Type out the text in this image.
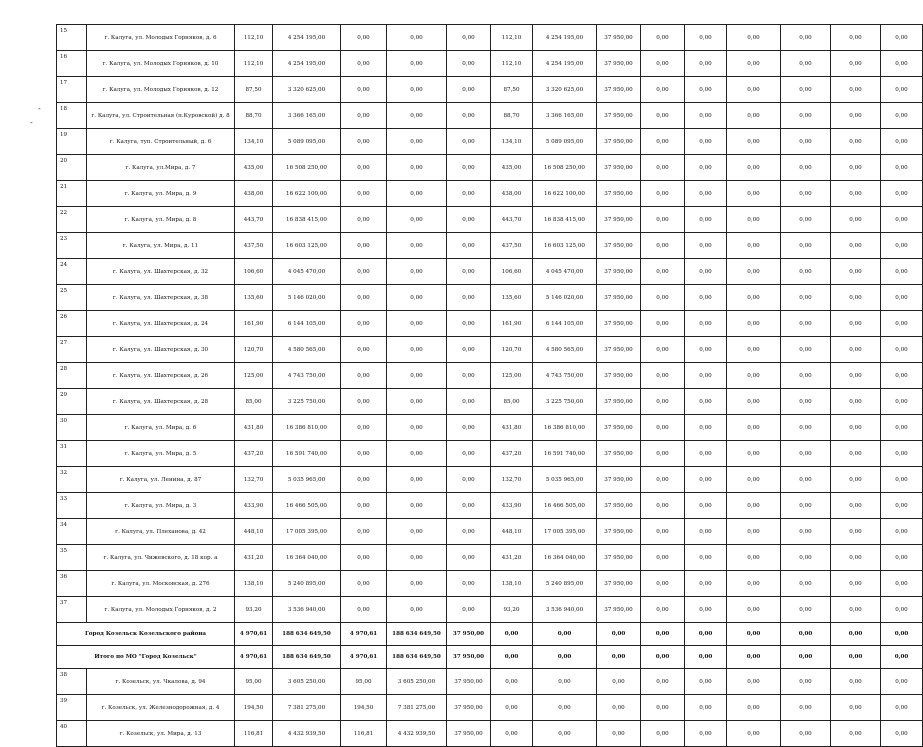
-
-
15	г. Калуга, ул. Молодых Горняков, д. 6	112,10	4 254 195,00	0,00	0,00	0,00	112,10	4 254 195,00	37 950,00	0,00	0,00	0,00	0,00	0,00	0,00
16	г. Калуга, ул. Молодых Горняков, д. 10	112,10	4 254 195,00	0,00	0,00	0,00	112,10	4 254 195,00	37 950,00	0,00	0,00	0,00	0,00	0,00	0,00
17	г. Калуга, ул. Молодых Горняков, д. 12	87,50	3 320 625,00	0,00	0,00	0,00	87,50	3 320 625,00	37 950,00	0,00	0,00	0,00	0,00	0,00	0,00
18	г. Калуга, ул. Строительная (п.Куровской) д. 8	88,70	3 366 165,00	0,00	0,00	0,00	88,70	3 366 165,00	37 950,00	0,00	0,00	0,00	0,00	0,00	0,00
19	г. Калуга, туп. Строительный, д. 6	134,10	5 089 095,00	0,00	0,00	0,00	134,10	5 089 095,00	37 950,00	0,00	0,00	0,00	0,00	0,00	0,00
20	г. Калуга, ул.Мира, д. 7	435,00	16 508 250,00	0,00	0,00	0,00	435,00	16 508 250,00	37 950,00	0,00	0,00	0,00	0,00	0,00	0,00
21	г. Калуга, ул. Мира, д. 9	438,00	16 622 100,00	0,00	0,00	0,00	438,00	16 622 100,00	37 950,00	0,00	0,00	0,00	0,00	0,00	0,00
22	г. Калуга, ул. Мира, д. 8	443,70	16 838 415,00	0,00	0,00	0,00	443,70	16 838 415,00	37 950,00	0,00	0,00	0,00	0,00	0,00	0,00
23	г. Калуга, ул. Мира, д. 11	437,50	16 603 125,00	0,00	0,00	0,00	437,50	16 603 125,00	37 950,00	0,00	0,00	0,00	0,00	0,00	0,00
24	г. Калуга, ул. Шахтерская, д. 32	106,60	4 045 470,00	0,00	0,00	0,00	106,60	4 045 470,00	37 950,00	0,00	0,00	0,00	0,00	0,00	0,00
25	г. Калуга, ул. Шахтерская, д. 38	135,60	5 146 020,00	0,00	0,00	0,00	135,60	5 146 020,00	37 950,00	0,00	0,00	0,00	0,00	0,00	0,00
26	г. Калуга, ул. Шахтерская, д. 24	161,90	6 144 105,00	0,00	0,00	0,00	161,90	6 144 105,00	37 950,00	0,00	0,00	0,00	0,00	0,00	0,00
27	г. Калуга, ул. Шахтерская, д. 30	120,70	4 580 565,00	0,00	0,00	0,00	120,70	4 580 565,00	37 950,00	0,00	0,00	0,00	0,00	0,00	0,00
28	г. Калуга, ул. Шахтерская, д. 26	125,00	4 743 750,00	0,00	0,00	0,00	125,00	4 743 750,00	37 950,00	0,00	0,00	0,00	0,00	0,00	0,00
29	г. Калуга, ул. Шахтерская, д. 28	85,00	3 225 750,00	0,00	0,00	0,00	85,00	3 225 750,00	37 950,00	0,00	0,00	0,00	0,00	0,00	0,00
30	г. Калуга, ул. Мира, д. 6	431,80	16 386 810,00	0,00	0,00	0,00	431,80	16 386 810,00	37 950,00	0,00	0,00	0,00	0,00	0,00	0,00
31	г. Калуга, ул. Мира, д. 5	437,20	16 591 740,00	0,00	0,00	0,00	437,20	16 591 740,00	37 950,00	0,00	0,00	0,00	0,00	0,00	0,00
32	г. Калуга, ул. Ленина, д. 87	132,70	5 035 965,00	0,00	0,00	0,00	132,70	5 035 965,00	37 950,00	0,00	0,00	0,00	0,00	0,00	0,00
33	г. Калуга, ул. Мира, д. 3	433,90	16 466 505,00	0,00	0,00	0,00	433,90	16 466 505,00	37 950,00	0,00	0,00	0,00	0,00	0,00	0,00
34	г. Калуга, ул. Плеханова, д. 42	448,10	17 005 395,00	0,00	0,00	0,00	448,10	17 005 395,00	37 950,00	0,00	0,00	0,00	0,00	0,00	0,00
35	г. Калуга, ул. Чижевского, д. 18 кор. а	431,20	16 364 040,00	0,00	0,00	0,00	431,20	16 364 040,00	37 950,00	0,00	0,00	0,00	0,00	0,00	0,00
36	г. Калуга, ул. Московская, д. 276	138,10	5 240 895,00	0,00	0,00	0,00	138,10	5 240 895,00	37 950,00	0,00	0,00	0,00	0,00	0,00	0,00
37	г. Калуга, ул. Молодых Горняков, д. 2	93,20	3 536 940,00	0,00	0,00	0,00	93,20	3 536 940,00	37 950,00	0,00	0,00	0,00	0,00	0,00	0,00
Город Козельск Козельского района		4 970,61	188 634 649,50	4 970,61	188 634 649,50	37 950,00	0,00	0,00	0,00	0,00	0,00	0,00	0,00	0,00	0,00
Итого по МО "Город Козельск"		4 970,61	188 634 649,50	4 970,61	188 634 649,50	37 950,00	0,00	0,00	0,00	0,00	0,00	0,00	0,00	0,00	0,00
38	г. Козельск, ул. Чкалова, д. 94	95,00	3 605 250,00	95,00	3 605 250,00	37 950,00	0,00	0,00	0,00	0,00	0,00	0,00	0,00	0,00	0,00
39	г. Козельск, ул. Железнодорожная, д. 4	194,50	7 381 275,00	194,50	7 381 275,00	37 950,00	0,00	0,00	0,00	0,00	0,00	0,00	0,00	0,00	0,00
40	г. Козельск, ул. Мира, д. 13	116,81	4 432 939,50	116,81	4 432 939,50	37 950,00	0,00	0,00	0,00	0,00	0,00	0,00	0,00	0,00	0,00
